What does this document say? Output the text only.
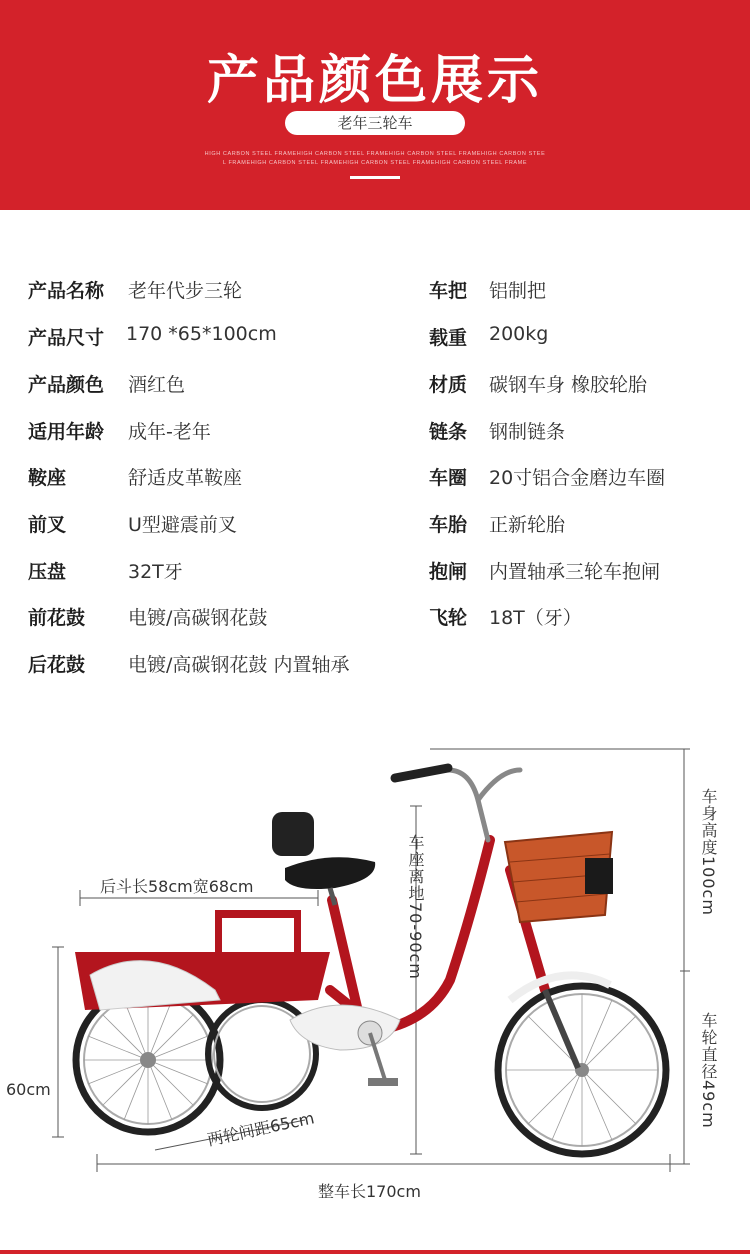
产品颜色展示
老年三轮车
HIGH CARBON STEEL FRAMEHIGH CARBON STEEL FRAMEHIGH CARBON STEEL FRAMEHIGH CARBON STEE
L FRAMEHIGH CARBON STEEL FRAMEHIGH CARBON STEEL FRAMEHIGH CARBON STEEL FRAME
产品名称 老年代步三轮
产品尺寸 170 *65*100cm
产品颜色 酒红色
适用年龄 成年-老年
鞍座	舒适皮革鞍座
前叉	U型避震前叉
压盘	32T牙
前花鼓 电镀/高碳钢花鼓
后花鼓 电镀/高碳钢花鼓 内置轴承
车把 铝制把
载重 200kg
材质 碳钢车身 橡胶轮胎
链条 钢制链条
车圈 20寸铝合金磨边车圈
车胎 正新轮胎
抱闸 内置轴承三轮车抱闸
飞轮 18T（牙）
后斗长58cm宽68cm	车座离地70-90cm	车身高度100cm
车轮直径49cm
60cm
两轮间距65cm
整车长170cm
